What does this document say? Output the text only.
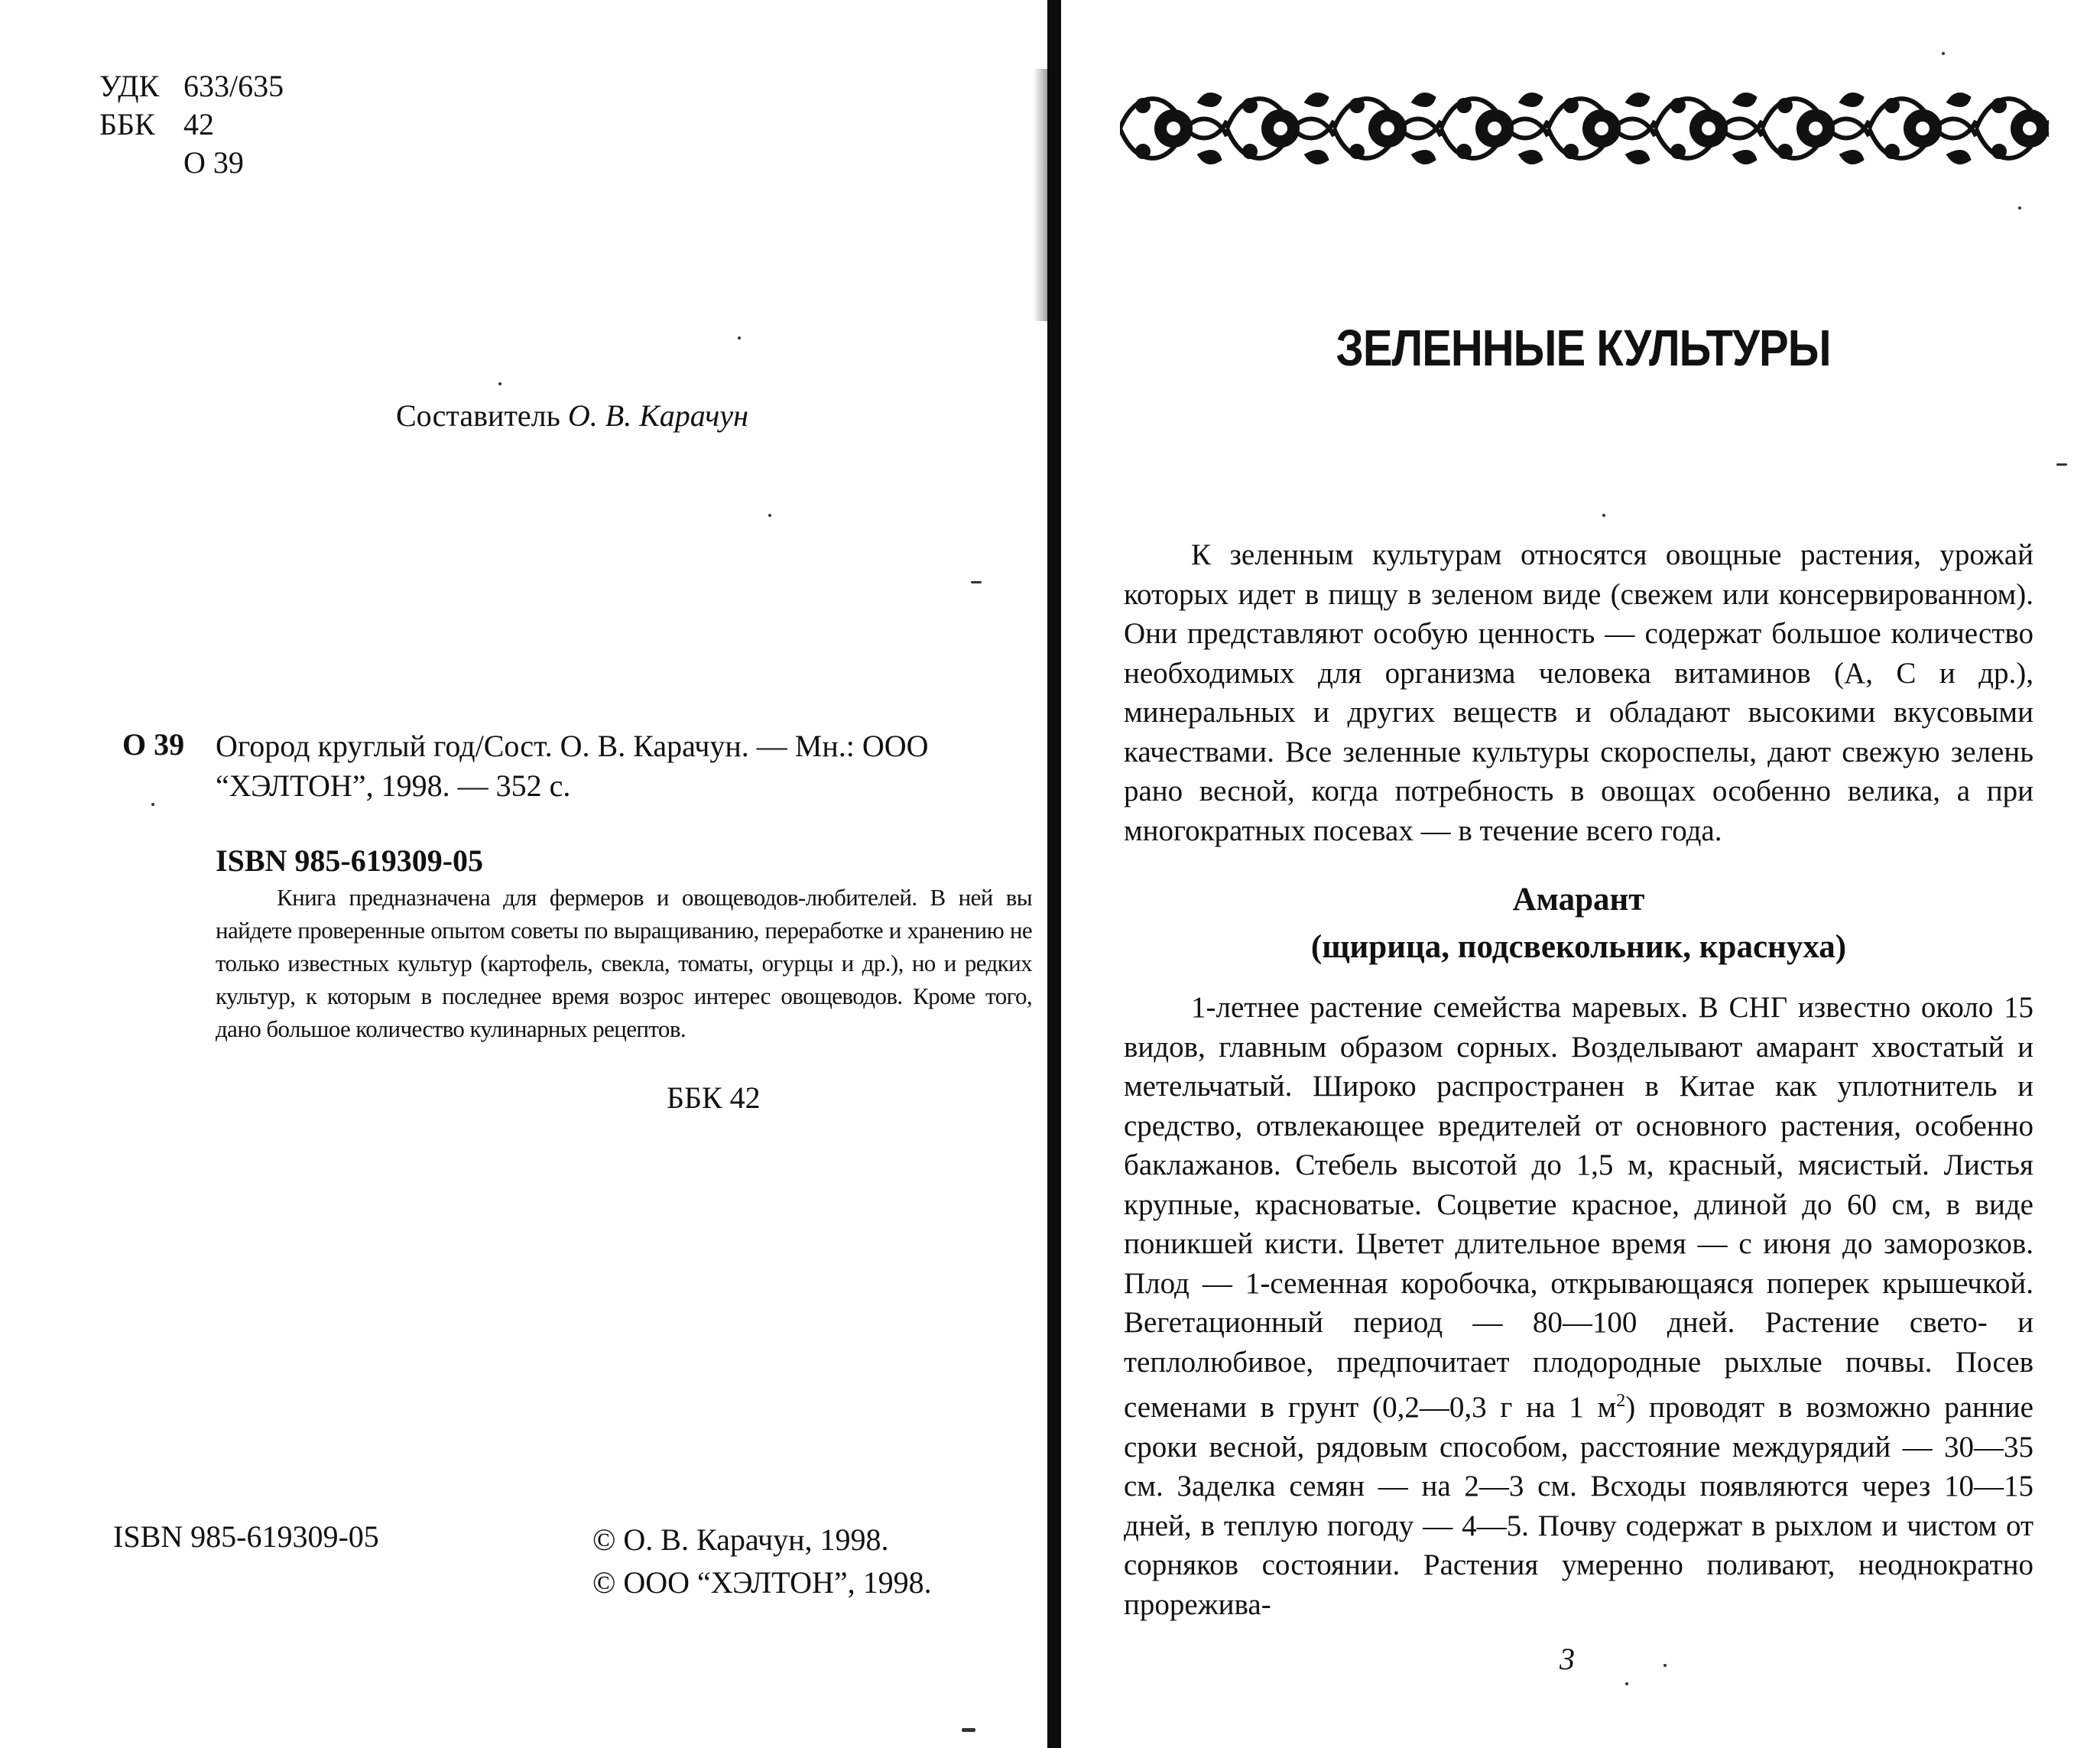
УДК 633/635
ББК 42
О 39
Составитель О. В. Карачун
О 39 Огород круглый год/Сост. О. В. Карачун. — Мн.: ООО “ХЭЛТОН”, 1998. — 352 с.
ISBN 985-619309-05
Книга предназначена для фермеров и овощеводов-любителей. В ней вы найдете проверенные опытом советы по выращиванию, переработке и хранению не только известных культур (картофель, свекла, томаты, огурцы и др.), но и редких культур, к которым в последнее время возрос интерес овощеводов. Кроме того, дано большое количество кулинарных рецептов.
ББК 42
ISBN 985-619309-05	© О. В. Карачун, 1998.
© ООО “ХЭЛТОН”, 1998.
ЗЕЛЕННЫЕ КУЛЬТУРЫ
К зеленным культурам относятся овощные растения, урожай которых идет в пищу в зеленом виде (свежем или консервированном). Они представляют особую ценность — содержат большое количество необходимых для организма человека витаминов (А, С и др.), минеральных и других веществ и обладают высокими вкусовыми качествами. Все зеленные культуры скороспелы, дают свежую зелень рано весной, когда потребность в овощах особенно велика, а при многократных посевах — в течение всего года.
Амарант
(щирица, подсвекольник, краснуха)
1-летнее растение семейства маревых. В СНГ известно около 15 видов, главным образом сорных. Возделывают амарант хвостатый и метельчатый. Широко распространен в Китае как уплотнитель и средство, отвлекающее вредителей от основного растения, особенно баклажанов. Стебель высотой до 1,5 м, красный, мясистый. Листья крупные, красноватые. Соцветие красное, длиной до 60 см, в виде поникшей кисти. Цветет длительное время — с июня до заморозков. Плод — 1-семенная коробочка, открывающаяся поперек крышечкой. Вегетационный период — 80—100 дней. Растение свето- и теплолюбивое, предпочитает плодородные рыхлые почвы. Посев семенами в грунт (0,2—0,3 г на 1 $м^2$) проводят в возможно ранние сроки весной, рядовым способом, расстояние междурядий — 30—35 см. Заделка семян — на 2—3 см. Всходы появляются через 10—15 дней, в теплую погоду — 4—5. Почву содержат в рыхлом и чистом от сорняков состоянии. Растения умеренно поливают, неоднократно прорежива-
3
